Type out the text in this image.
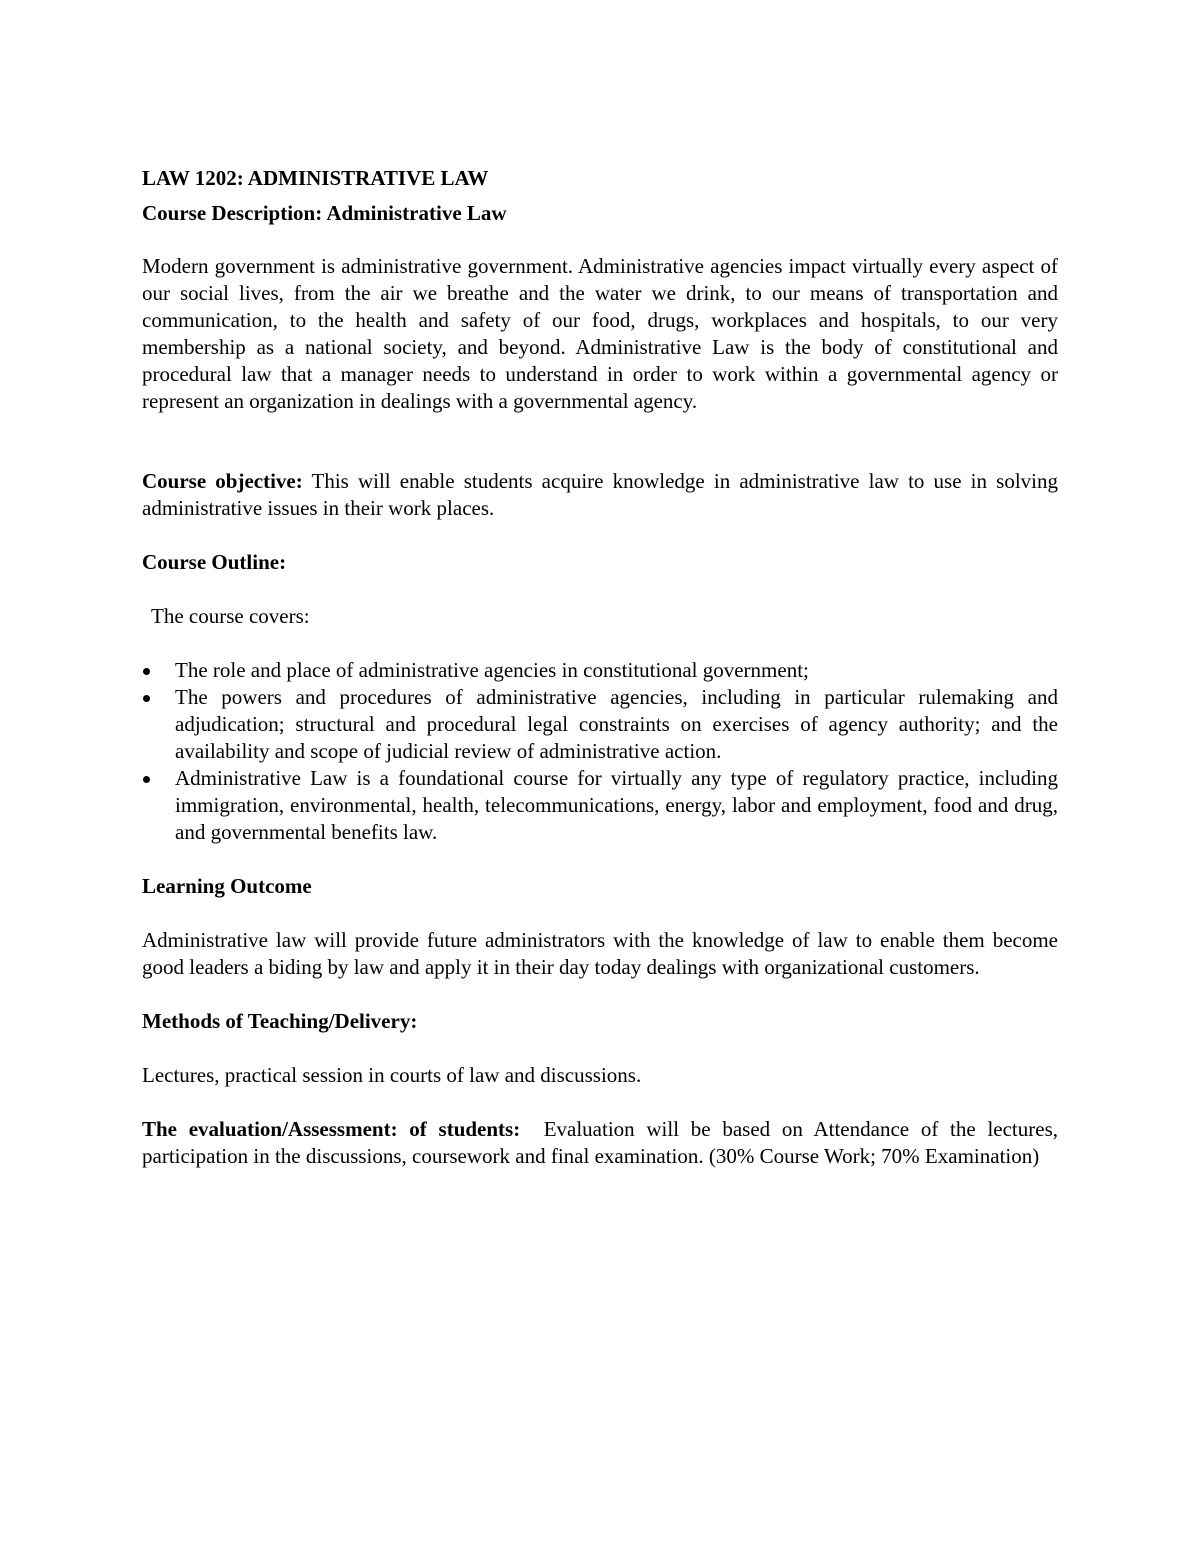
LAW 1202: ADMINISTRATIVE LAW

Course Description: Administrative Law

Modern government is administrative government. Administrative agencies impact virtually every aspect of our social lives, from the air we breathe and the water we drink, to our means of transportation and communication, to the health and safety of our food, drugs, workplaces and hospitals, to our very membership as a national society, and beyond. Administrative Law is the body of constitutional and procedural law that a manager needs to understand in order to work within a governmental agency or represent an organization in dealings with a governmental agency.

Course objective: This will enable students acquire knowledge in administrative law to use in solving administrative issues in their work places.

Course Outline:

The course covers:

The role and place of administrative agencies in constitutional government;
The powers and procedures of administrative agencies, including in particular rulemaking and adjudication; structural and procedural legal constraints on exercises of agency authority; and the availability and scope of judicial review of administrative action.
Administrative Law is a foundational course for virtually any type of regulatory practice, including immigration, environmental, health, telecommunications, energy, labor and employment, food and drug, and governmental benefits law.

Learning Outcome

Administrative law will provide future administrators with the knowledge of law to enable them become good leaders a biding by law and apply it in their day today dealings with organizational customers.

Methods of Teaching/Delivery:

Lectures, practical session in courts of law and discussions.

The evaluation/Assessment: of students:  Evaluation will be based on Attendance of the lectures, participation in the discussions, coursework and final examination. (30% Course Work; 70% Examination)
